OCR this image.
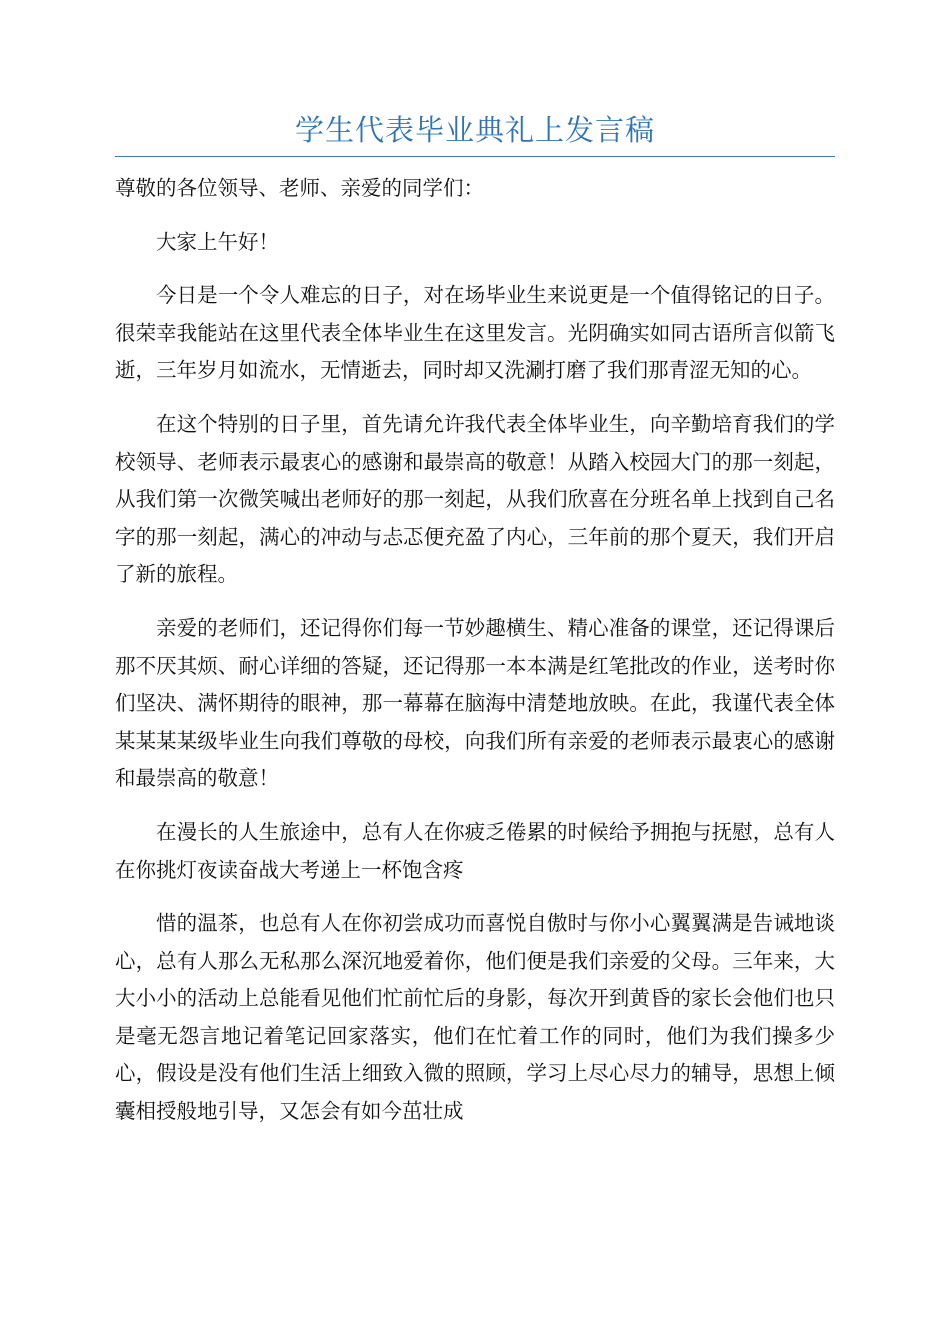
学生代表毕业典礼上发言稿

尊敬的各位领导、老师、亲爱的同学们：

大家上午好！

今日是一个令人难忘的日子，对在场毕业生来说更是一个值得铭记的日子。很荣幸我能站在这里代表全体毕业生在这里发言。光阴确实如同古语所言似箭飞逝，三年岁月如流水，无情逝去，同时却又洗涮打磨了我们那青涩无知的心。

在这个特别的日子里，首先请允许我代表全体毕业生，向辛勤培育我们的学校领导、老师表示最衷心的感谢和最崇高的敬意！从踏入校园大门的那一刻起，从我们第一次微笑喊出老师好的那一刻起，从我们欣喜在分班名单上找到自己名字的那一刻起，满心的冲动与忐忑便充盈了内心，三年前的那个夏天，我们开启了新的旅程。

亲爱的老师们，还记得你们每一节妙趣横生、精心准备的课堂，还记得课后那不厌其烦、耐心详细的答疑，还记得那一本本满是红笔批改的作业，送考时你们坚决、满怀期待的眼神，那一幕幕在脑海中清楚地放映。在此，我谨代表全体某某某某级毕业生向我们尊敬的母校，向我们所有亲爱的老师表示最衷心的感谢和最崇高的敬意！

在漫长的人生旅途中，总有人在你疲乏倦累的时候给予拥抱与抚慰，总有人在你挑灯夜读奋战大考递上一杯饱含疼

惜的温茶，也总有人在你初尝成功而喜悦自傲时与你小心翼翼满是告诫地谈心，总有人那么无私那么深沉地爱着你，他们便是我们亲爱的父母。三年来，大大小小的活动上总能看见他们忙前忙后的身影，每次开到黄昏的家长会他们也只是毫无怨言地记着笔记回家落实，他们在忙着工作的同时，他们为我们操多少心，假设是没有他们生活上细致入微的照顾，学习上尽心尽力的辅导，思想上倾囊相授般地引导，又怎会有如今茁壮成
